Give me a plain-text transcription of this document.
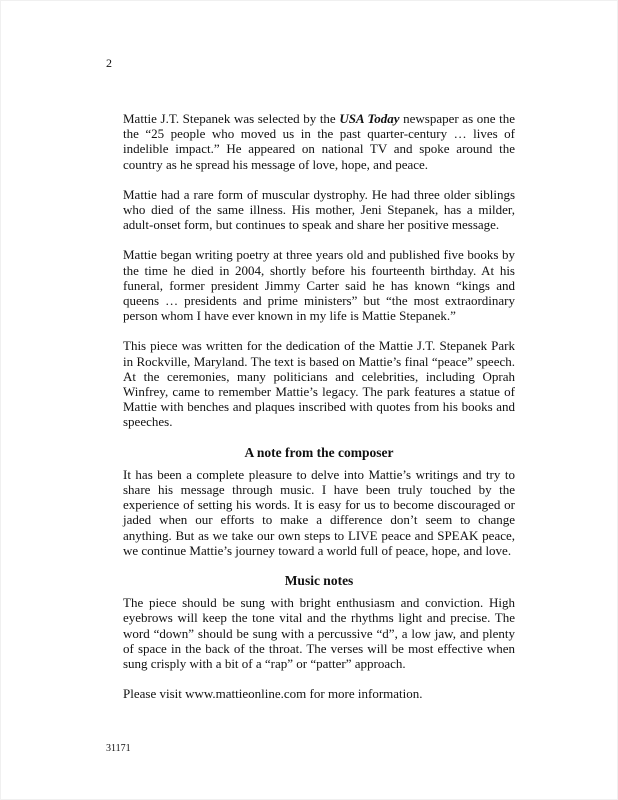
2

Mattie J.T. Stepanek was selected by the USA Today newspaper as one the the “25 people who moved us in the past quarter-century … lives of indelible impact.” He appeared on national TV and spoke around the country as he spread his message of love, hope, and peace.

Mattie had a rare form of muscular dystrophy. He had three older siblings who died of the same illness. His mother, Jeni Stepanek, has a milder, adult-onset form, but continues to speak and share her positive message.

Mattie began writing poetry at three years old and published five books by the time he died in 2004, shortly before his fourteenth birthday. At his funeral, former president Jimmy Carter said he has known “kings and queens … presidents and prime ministers” but “the most extraordinary person whom I have ever known in my life is Mattie Stepanek.”

This piece was written for the dedication of the Mattie J.T. Stepanek Park in Rockville, Maryland. The text is based on Mattie’s final “peace” speech. At the ceremonies, many politicians and celebrities, including Oprah Winfrey, came to remember Mattie’s legacy. The park features a statue of Mattie with benches and plaques inscribed with quotes from his books and speeches.

A note from the composer

It has been a complete pleasure to delve into Mattie’s writings and try to share his message through music. I have been truly touched by the experience of setting his words. It is easy for us to become discouraged or jaded when our efforts to make a difference don’t seem to change anything. But as we take our own steps to LIVE peace and SPEAK peace, we continue Mattie’s journey toward a world full of peace, hope, and love.

Music notes

The piece should be sung with bright enthusiasm and conviction. High eyebrows will keep the tone vital and the rhythms light and precise. The word “down” should be sung with a percussive “d”, a low jaw, and plenty of space in the back of the throat. The verses will be most effective when sung crisply with a bit of a “rap” or “patter” approach.

Please visit www.mattieonline.com for more information.

31171
